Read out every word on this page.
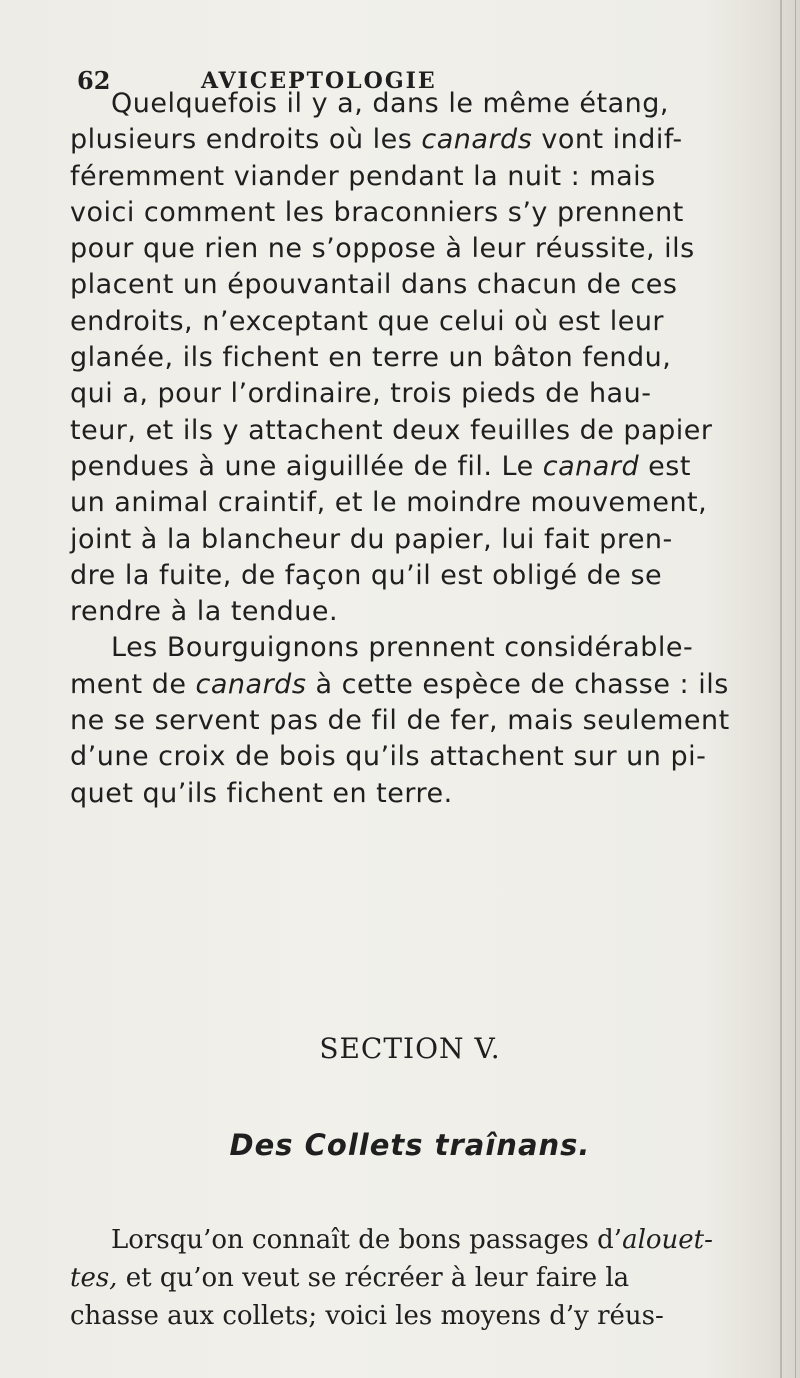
62	AVICEPTOLOGIE
Quelquefois il y a, dans le même étang,
plusieurs endroits où les canards vont indif-
féremment viander pendant la nuit : mais
voici comment les braconniers s’y prennent
pour que rien ne s’oppose à leur réussite, ils
placent un épouvantail dans chacun de ces
endroits, n’exceptant que celui où est leur
glanée, ils fichent en terre un bâton fendu,
qui a, pour l’ordinaire, trois pieds de hau-
teur, et ils y attachent deux feuilles de papier
pendues à une aiguillée de fil. Le canard est
un animal craintif, et le moindre mouvement,
joint à la blancheur du papier, lui fait pren-
dre la fuite, de façon qu’il est obligé de se
rendre à la tendue.
Les Bourguignons prennent considérable-
ment de canards à cette espèce de chasse : ils
ne se servent pas de fil de fer, mais seulement
d’une croix de bois qu’ils attachent sur un pi-
quet qu’ils fichent en terre.
SECTION V.
Des Collets traînans.
Lorsqu’on connaît de bons passages d’alouet-
tes, et qu’on veut se récréer à leur faire la
chasse aux collets; voici les moyens d’y réus-
